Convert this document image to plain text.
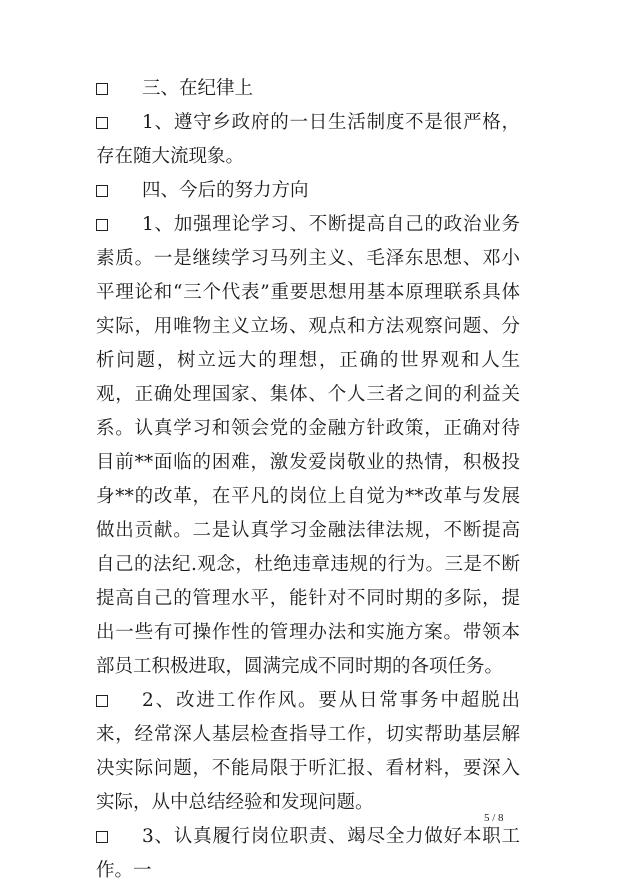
三、在纪律上

1、遵守乡政府的一日生活制度不是很严格，存在随大流现象。

四、今后的努力方向

1、加强理论学习、不断提高自己的政治业务素质。一是继续学习马列主义、毛泽东思想、邓小平理论和“三个代表”重要思想用基本原理联系具体实际，用唯物主义立场、观点和方法观察问题、分析问题，树立远大的理想，正确的世界观和人生观，正确处理国家、集体、个人三者之间的利益关系。认真学习和领会党的金融方针政策，正确对待目前**面临的困难，激发爱岗敬业的热情，积极投身**的改革，在平凡的岗位上自觉为**改革与发展做出贡献。二是认真学习金融法律法规，不断提高自己的法纪.观念，杜绝违章违规的行为。三是不断提高自己的管理水平，能针对不同时期的多际，提出一些有可操作性的管理办法和实施方案。带领本部员工积极进取，圆满完成不同时期的各项任务。

2、改进工作作风。要从日常事务中超脱出来，经常深人基层检查指导工作，切实帮助基层解决实际问题，不能局限于听汇报、看材料，要深入实际，从中总结经验和发现问题。

3、认真履行岗位职责、竭尽全力做好本职工作。一

5 / 8
